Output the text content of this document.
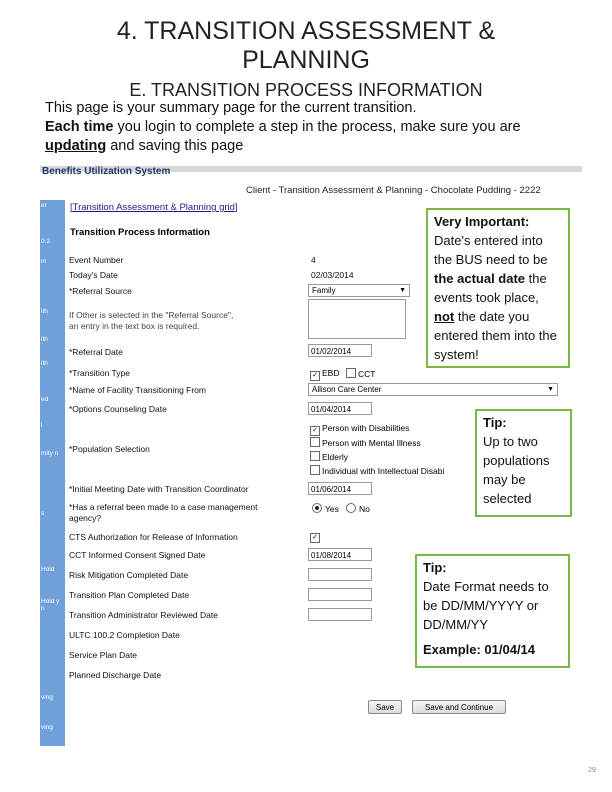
4. TRANSITION ASSESSMENT &
PLANNING
E. TRANSITION PROCESS INFORMATION
This page is your summary page for the current transition.
Each time you login to complete a step in the process, make sure you are
updating and saving this page
Benefits Utilization System
Client - Transition Assessment & Planning - Chocolate Pudding - 2222
er
0.2
m
ith
ith
ith
ed
l
mity n
s
Hold
Hold y n
ving
ving
[Transition Assessment & Planning grid]
Transition Process Information
Event Number	4
Today's Date	02/03/2014
*Referral Source	Family	▼
If Other is selected in the "Referral Source",
an entry in the text box is required.
*Referral Date	01/02/2014
*Transition Type	✓ EBD	CCT
*Name of Facility Transitioning From	Allison Care Center	▼
*Options Counseling Date	01/04/2014
*Population Selection
✓ Person with Disabilities
Person with Mental Illness
Elderly
Individual with Intellectual Disabi
*Initial Meeting Date with Transition Coordinator	01/06/2014
*Has a referral been made to a case management
agency?
Yes	No
CTS Authorization for Release of Information	✓
CCT Informed Consent Signed Date	01/08/2014
Risk Mitigation Completed Date
Transition Plan Completed Date
Transition Administrator Reviewed Date
ULTC 100.2 Completion Date
Service Plan Date
Planned Discharge Date
Save	Save and Continue
Very Important:
Date's entered into the BUS need to be the actual date the events took place, not the date you entered them into the system!
Tip:
Up to two populations may be selected
Tip:
Date Format needs to be DD/MM/YYYY or DD/MM/YY
Example: 01/04/14
29
